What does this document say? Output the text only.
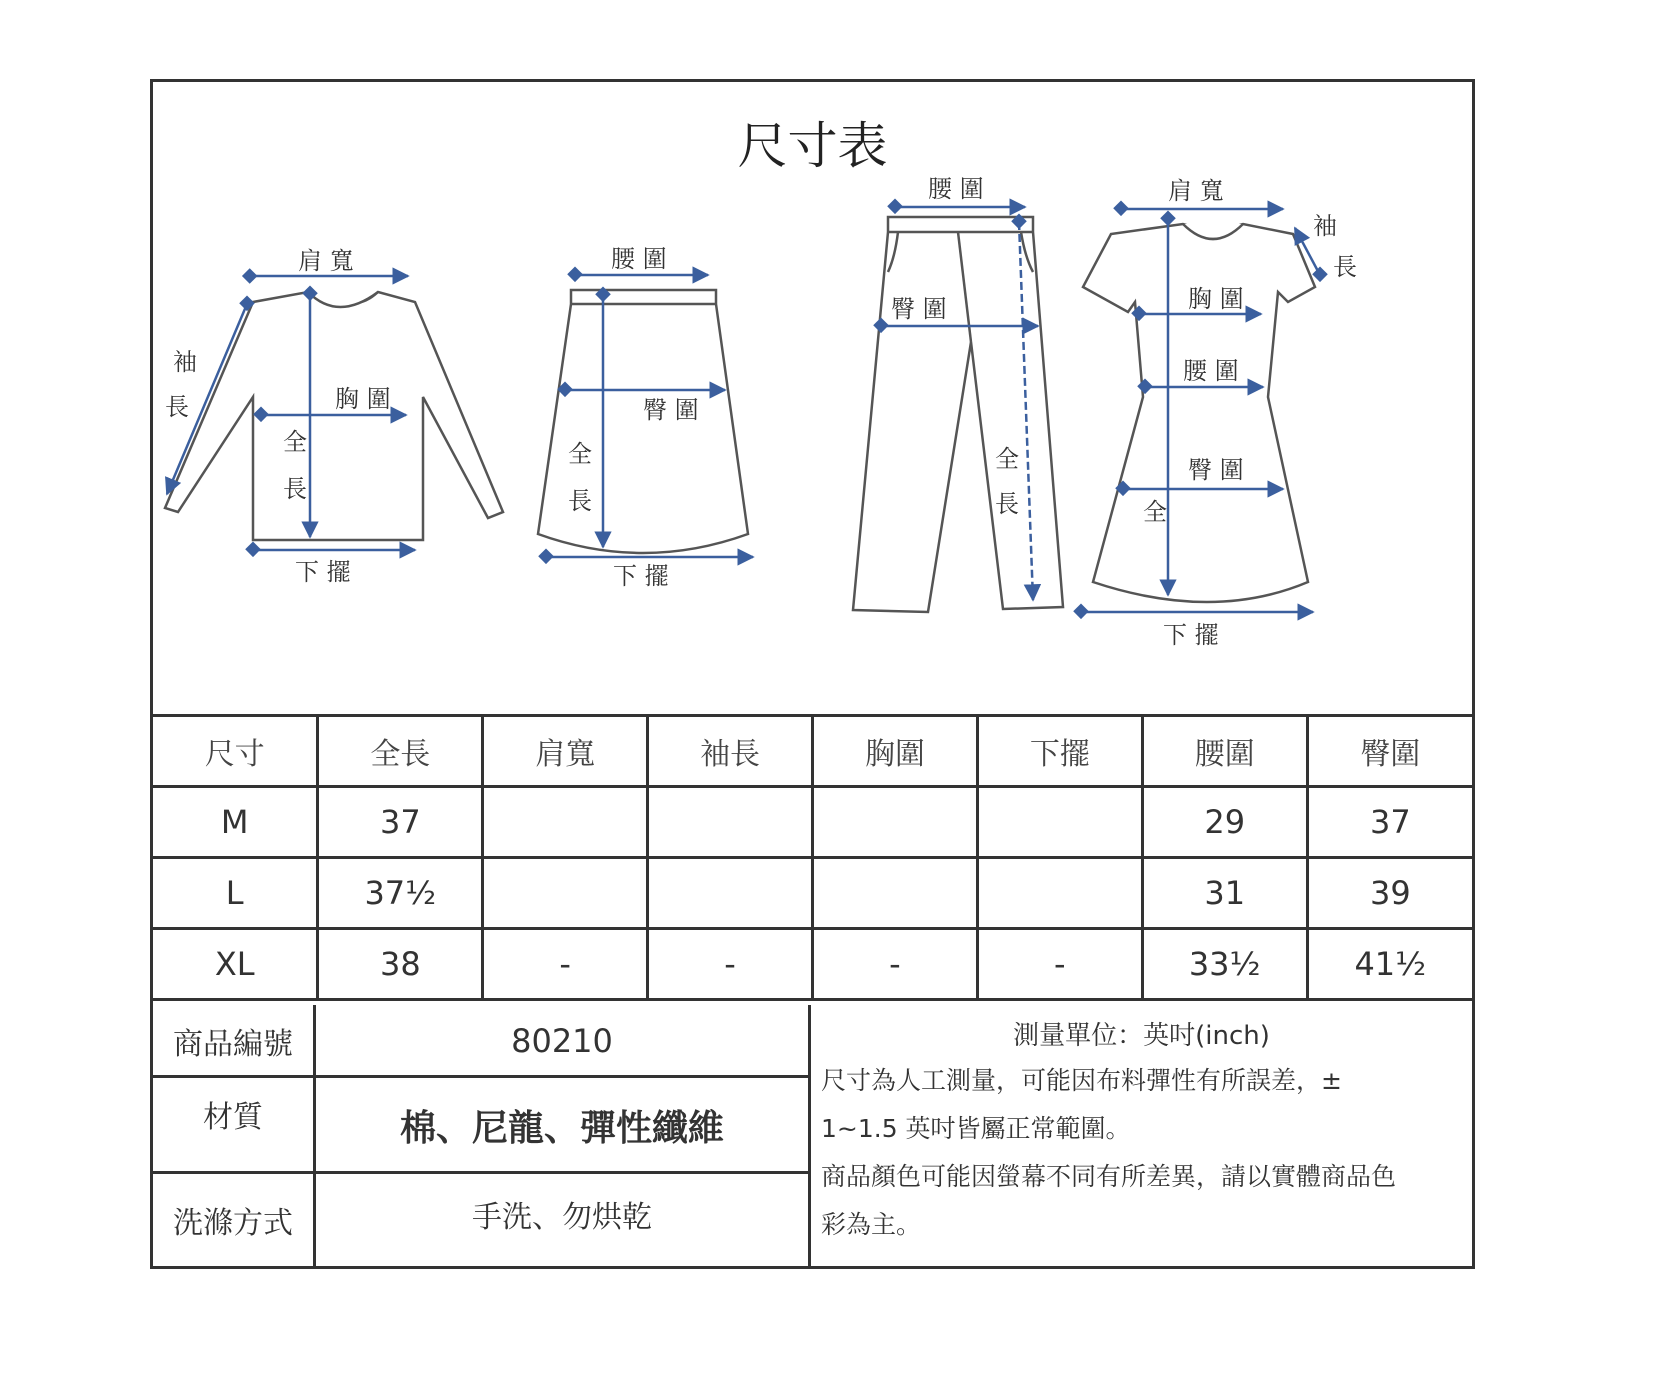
尺寸表
肩 寬
袖
長	胸 圍
全
長
下 擺
腰 圍
臀 圍
全
長
下 擺
腰 圍
臀 圍
全
長
肩 寬
袖
長
胸 圍
腰 圍
臀 圍
全
下 擺
尺寸	全長	肩寬	袖長	胸圍	下擺	腰圍	臀圍
M	37					29	37
L	37½					31	39
XL	38	-	-	-	-	33½	41½
商品編號	80210
材質	棉、尼龍、彈性纖維
洗滌方式	手洗、勿烘乾
測量單位：英吋(inch)
尺寸為人工測量，可能因布料彈性有所誤差，±
1~1.5 英吋皆屬正常範圍。
商品顏色可能因螢幕不同有所差異，請以實體商品色
彩為主。
